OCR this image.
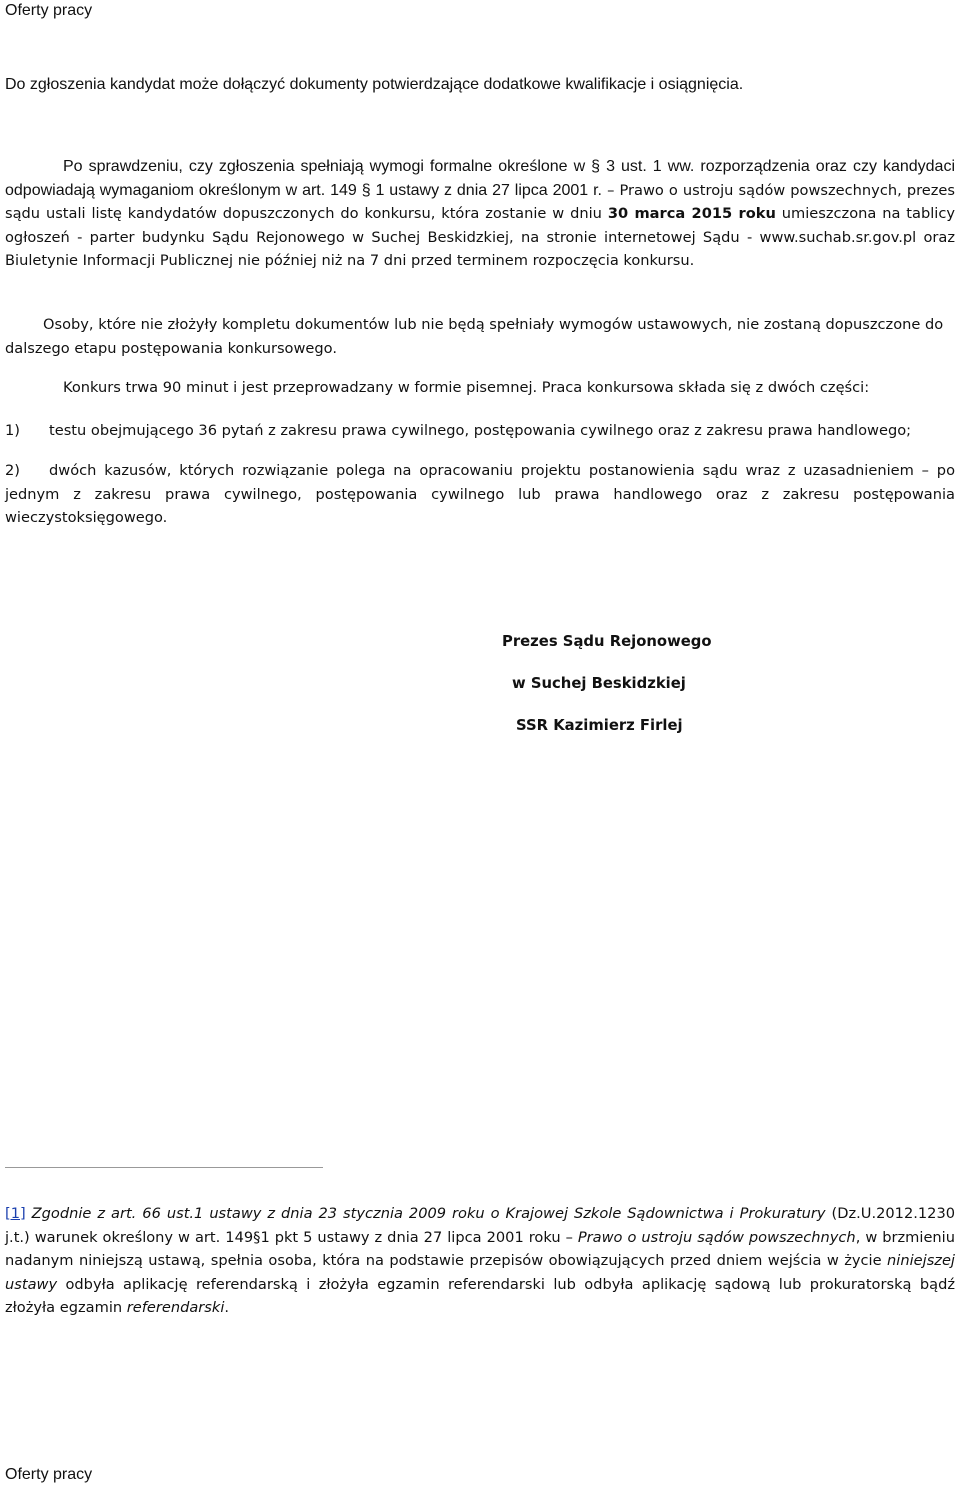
Oferty pracy
Do zgłoszenia kandydat może dołączyć dokumenty potwierdzające dodatkowe kwalifikacje i osiągnięcia.
Po sprawdzeniu, czy zgłoszenia spełniają wymogi formalne określone w § 3 ust. 1 ww. rozporządzenia oraz czy kandydaci odpowiadają wymaganiom określonym w art. 149 § 1 ustawy z dnia 27 lipca 2001 r. – Prawo o ustroju sądów powszechnych, prezes sądu ustali listę kandydatów dopuszczonych do konkursu, która zostanie w dniu 30 marca 2015 roku umieszczona na tablicy ogłoszeń - parter budynku Sądu Rejonowego w Suchej Beskidzkiej, na stronie internetowej Sądu - www.suchab.sr.gov.pl oraz Biuletynie Informacji Publicznej nie później niż na 7 dni przed terminem rozpoczęcia konkursu.
Osoby, które nie złożyły kompletu dokumentów lub nie będą spełniały wymogów ustawowych, nie zostaną dopuszczone do dalszego etapu postępowania konkursowego.
Konkurs trwa 90 minut i jest przeprowadzany w formie pisemnej. Praca konkursowa składa się z dwóch części:
1) testu obejmującego 36 pytań z zakresu prawa cywilnego, postępowania cywilnego oraz z zakresu prawa handlowego;
2) dwóch kazusów, których rozwiązanie polega na opracowaniu projektu postanowienia sądu wraz z uzasadnieniem – po jednym z zakresu prawa cywilnego, postępowania cywilnego lub prawa handlowego oraz z zakresu postępowania wieczystoksięgowego.
Prezes Sądu Rejonowego
w Suchej Beskidzkiej
SSR Kazimierz Firlej
[1] Zgodnie z art. 66 ust.1 ustawy z dnia 23 stycznia 2009 roku o Krajowej Szkole Sądownictwa i Prokuratury (Dz.U.2012.1230 j.t.) warunek określony w art. 149§1 pkt 5 ustawy z dnia 27 lipca 2001 roku – Prawo o ustroju sądów powszechnych, w brzmieniu nadanym niniejszą ustawą, spełnia osoba, która na podstawie przepisów obowiązujących przed dniem wejścia w życie niniejszej ustawy odbyła aplikację referendarską i złożyła egzamin referendarski lub odbyła aplikację sądową lub prokuratorską bądź złożyła egzamin referendarski.
Oferty pracy
